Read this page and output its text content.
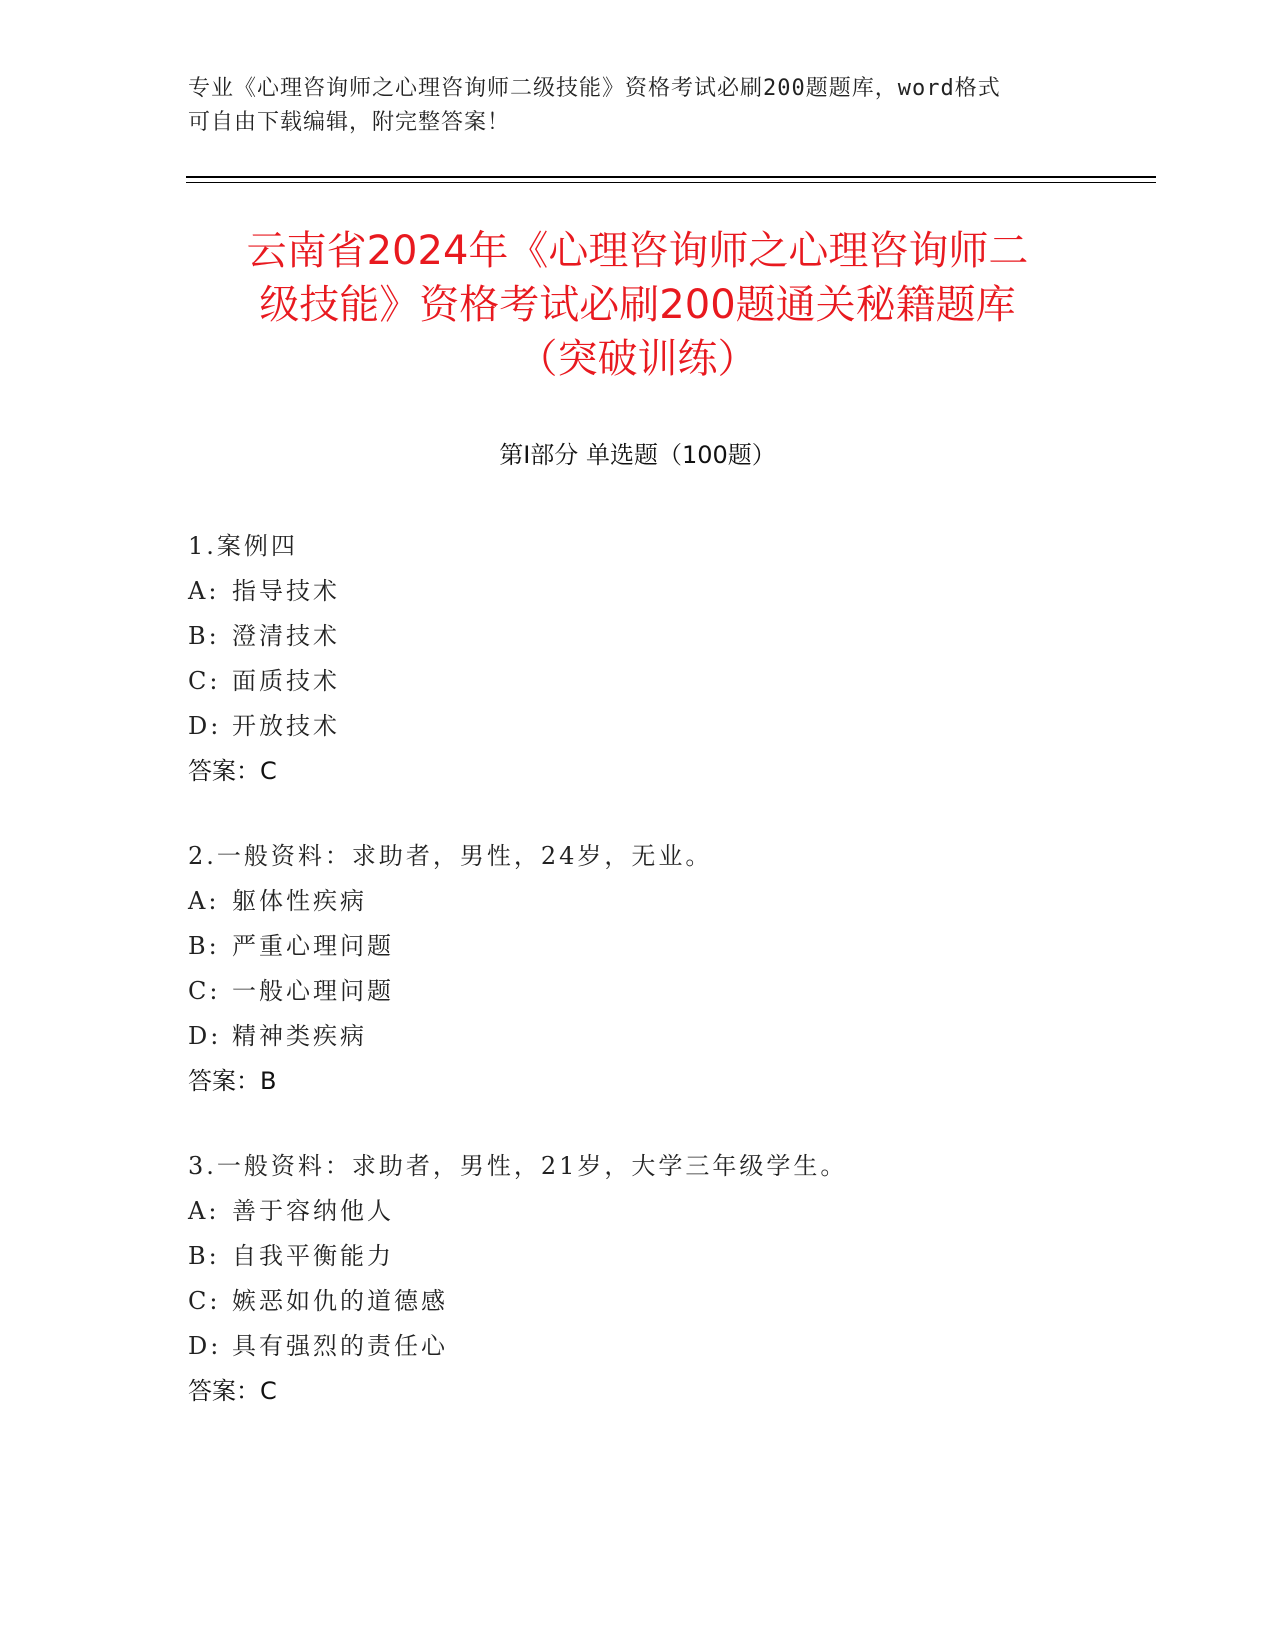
专业《心理咨询师之心理咨询师二级技能》资格考试必刷200题题库，word格式
可自由下载编辑，附完整答案！
云南省2024年《心理咨询师之心理咨询师二
级技能》资格考试必刷200题通关秘籍题库
（突破训练）
第Ⅰ部分 单选题（100题）
1.案例四
A: 指导技术
B: 澄清技术
C: 面质技术
D: 开放技术
答案：C
2.一般资料：求助者，男性，24岁，无业。
A: 躯体性疾病
B: 严重心理问题
C: 一般心理问题
D: 精神类疾病
答案：B
3.一般资料：求助者，男性，21岁，大学三年级学生。
A: 善于容纳他人
B: 自我平衡能力
C: 嫉恶如仇的道德感
D: 具有强烈的责任心
答案：C
